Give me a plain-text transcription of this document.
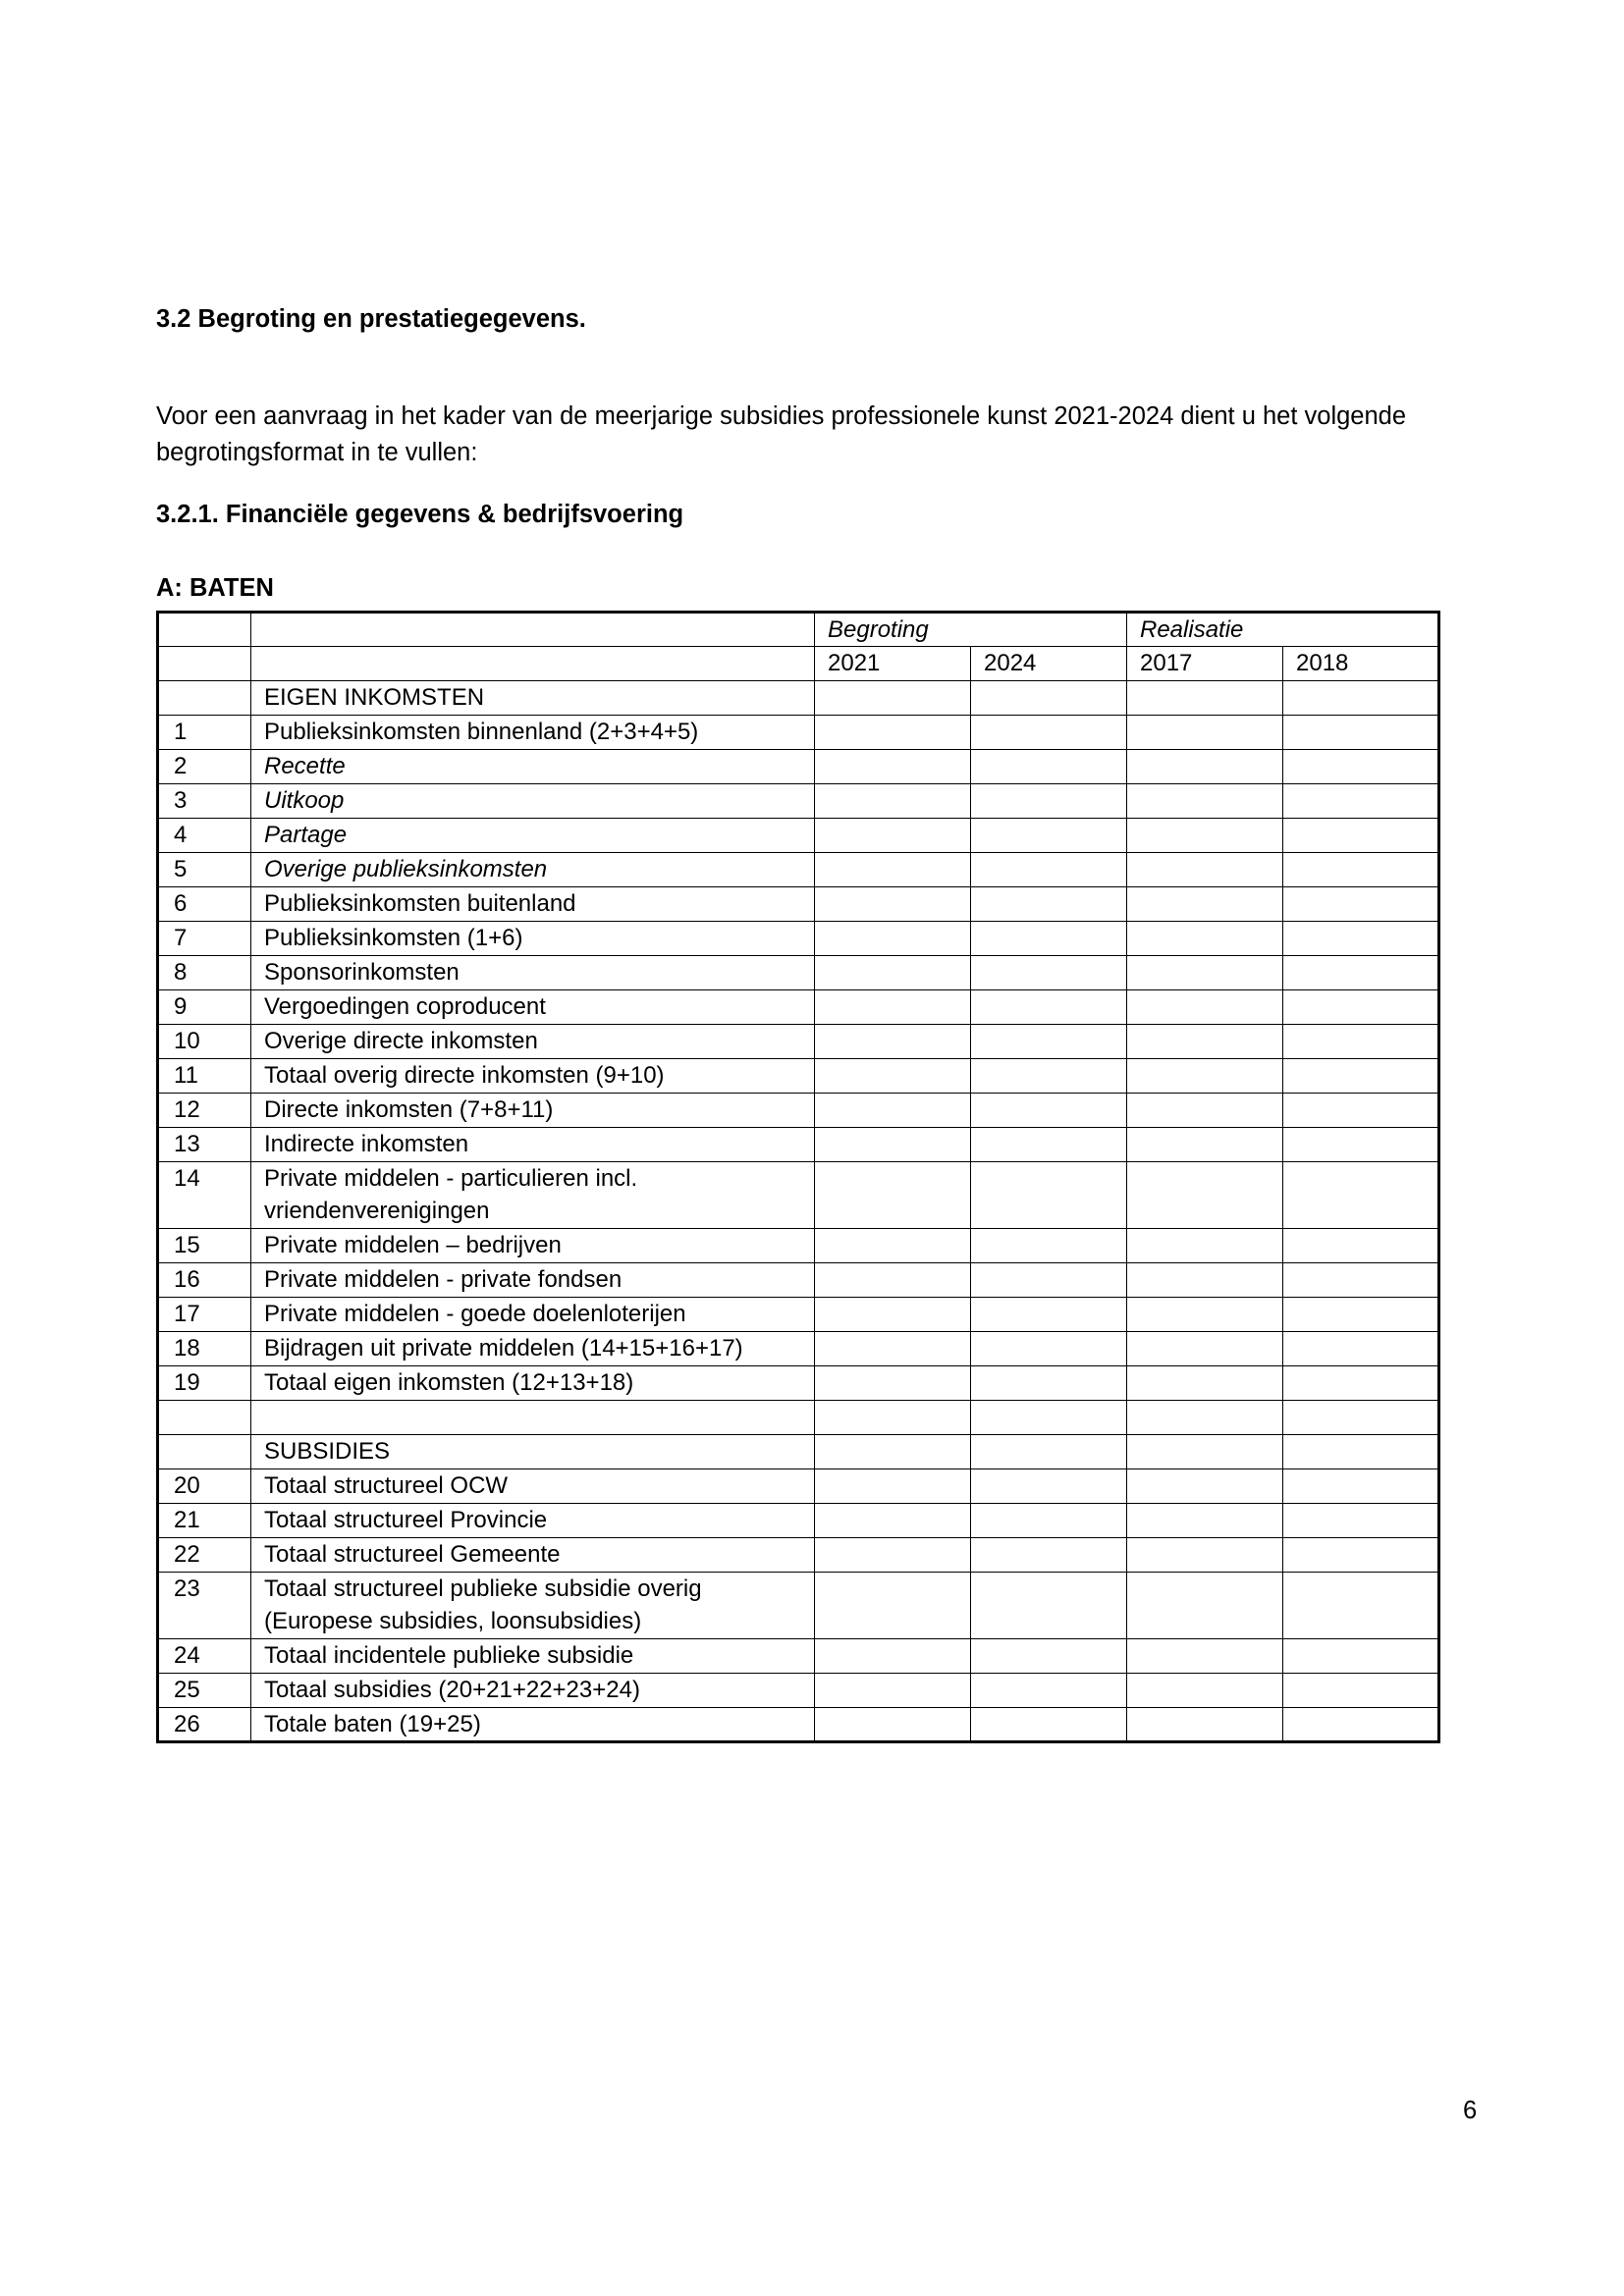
3.2 Begroting en prestatiegegevens.

Voor een aanvraag in het kader van de meerjarige subsidies professionele kunst 2021-2024 dient u het volgende begrotingsformat in te vullen:

3.2.1. Financiële gegevens & bedrijfsvoering
A: BATEN
		Begroting		Realisatie	
		2021	2024	2017	2018
	EIGEN INKOMSTEN				
1	Publieksinkomsten binnenland (2+3+4+5)				
2	Recette				
3	Uitkoop				
4	Partage				
5	Overige publieksinkomsten				
6	Publieksinkomsten buitenland				
7	Publieksinkomsten (1+6)				
8	Sponsorinkomsten				
9	Vergoedingen coproducent				
10	Overige directe inkomsten				
11	Totaal overig directe inkomsten (9+10)				
12	Directe inkomsten (7+8+11)				
13	Indirecte inkomsten				
14	Private middelen - particulieren incl. vriendenverenigingen				
15	Private middelen – bedrijven				
16	Private middelen - private fondsen				
17	Private middelen - goede doelenloterijen				
18	Bijdragen uit private middelen (14+15+16+17)				
19	Totaal eigen inkomsten (12+13+18)				

	SUBSIDIES				
20	Totaal structureel OCW				
21	Totaal structureel Provincie				
22	Totaal structureel Gemeente				
23	Totaal structureel publieke subsidie overig (Europese subsidies, loonsubsidies)				
24	Totaal incidentele publieke subsidie				
25	Totaal subsidies (20+21+22+23+24)				
26	Totale baten (19+25)				
6
